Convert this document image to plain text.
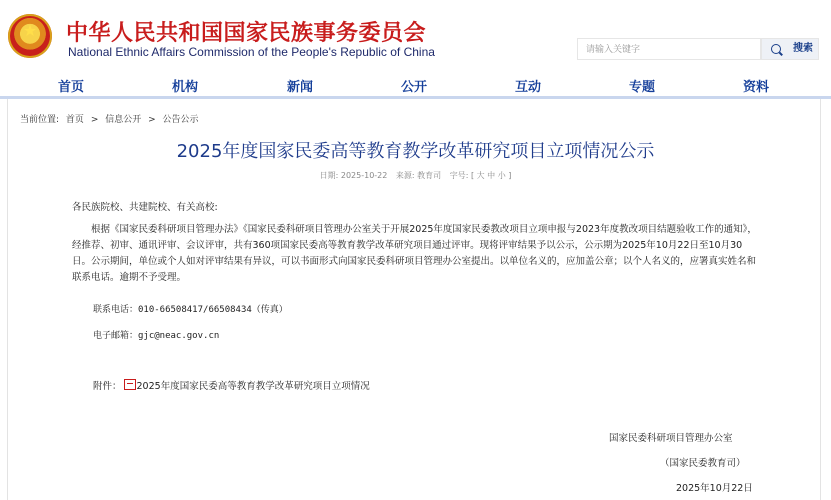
★	中华人民共和国国家民族事务委员会
National Ethnic Affairs Commission of the People's Republic of China	请输入关键字	搜索
首页	机构	新闻	公开	互动	专题	资料
当前位置: 首页 > 信息公开 > 公告公示
2025年度国家民委高等教育教学改革研究项目立项情况公示
日期: 2025-10-22 来源: 教育司 字号: [ 大 中 小 ]
各民族院校、共建院校、有关高校:
根据《国家民委科研项目管理办法》《国家民委科研项目管理办公室关于开展2025年度国家民委教改项目立项申报与2023年度教改项目结题验收工作的通知》，经推荐、初审、通讯评审、会议评审，共有360项国家民委高等教育教学改革研究项目通过评审。现将评审结果予以公示，公示期为2025年10月22日至10月30日。公示期间，单位或个人如对评审结果有异议，可以书面形式向国家民委科研项目管理办公室提出。以单位名义的，应加盖公章；以个人名义的，应署真实姓名和联系电话。逾期不予受理。
联系电话：010-66508417/66508434（传真）
电子邮箱：gjc@neac.gov.cn
附件： 2025年度国家民委高等教育教学改革研究项目立项情况
国家民委科研项目管理办公室
（国家民委教育司）
2025年10月22日
